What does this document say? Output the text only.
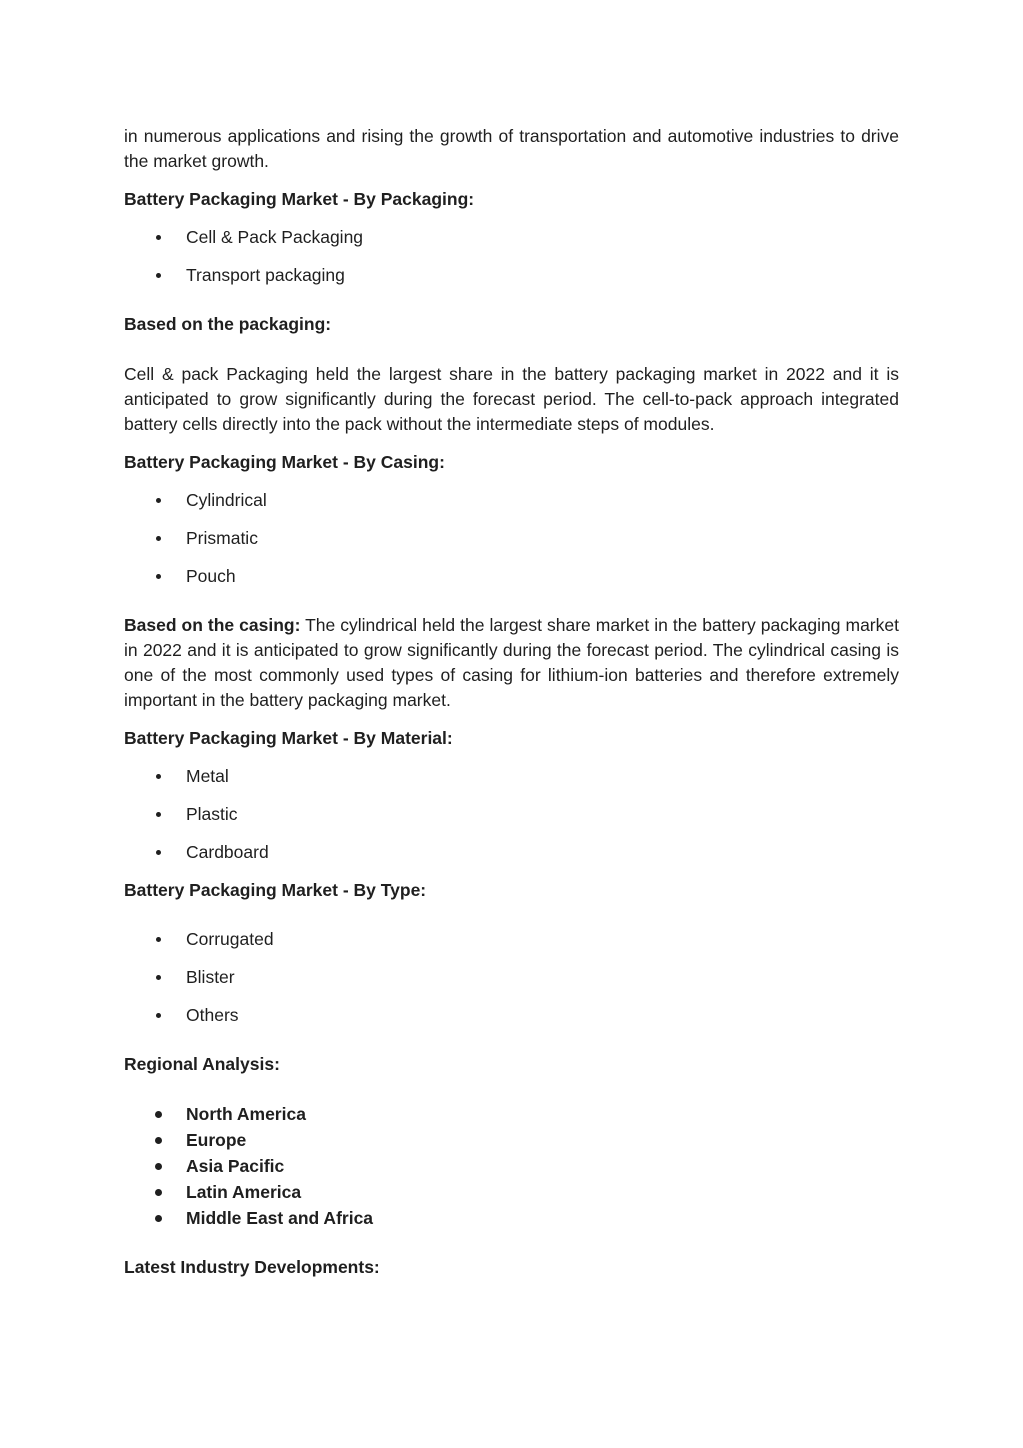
in numerous applications and rising the growth of transportation and automotive industries to drive the market growth.

Battery Packaging Market - By Packaging:

Cell & Pack Packaging
Transport packaging

Based on the packaging:

Cell & pack Packaging held the largest share in the battery packaging market in 2022 and it is anticipated to grow significantly during the forecast period. The cell-to-pack approach integrated battery cells directly into the pack without the intermediate steps of modules.

Battery Packaging Market - By Casing:

Cylindrical
Prismatic
Pouch

Based on the casing: The cylindrical held the largest share market in the battery packaging market in 2022 and it is anticipated to grow significantly during the forecast period. The cylindrical casing is one of the most commonly used types of casing for lithium-ion batteries and therefore extremely important in the battery packaging market.

Battery Packaging Market - By Material:

Metal
Plastic
Cardboard

Battery Packaging Market - By Type:

Corrugated
Blister
Others

Regional Analysis:

North America
Europe
Asia Pacific
Latin America
Middle East and Africa

Latest Industry Developments:
